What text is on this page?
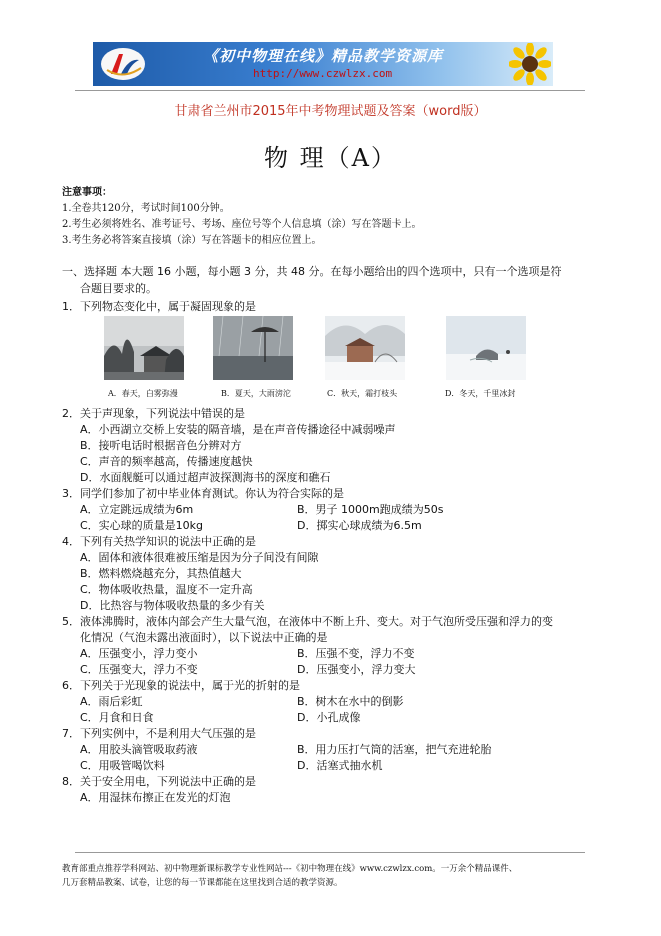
《初中物理在线》精品教学资源库
http://www.czwlzx.com
甘肃省兰州市2015年中考物理试题及答案（word版）
物 理（A）
注意事项：
1.全卷共120分，考试时间100分钟。
2.考生必须将姓名、准考证号、考场、座位号等个人信息填（涂）写在答题卡上。
3.考生务必将答案直接填（涂）写在答题卡的相应位置上。
一、选择题 本大题 16 小题，每小题 3 分，共 48 分。在每小题给出的四个选项中，只有一个选项是符
合题目要求的。
1．下列物态变化中，属于凝固现象的是
A．春天，白雾弥漫	B．夏天，大雨滂沱	C．秋天，霜打枝头	D．冬天，千里冰封
2．关于声现象，下列说法中错误的是
A．小西湖立交桥上安装的隔音墙，是在声音传播途径中减弱噪声
B．接听电话时根据音色分辨对方
C．声音的频率越高，传播速度越快
D．水面舰艇可以通过超声波探测海书的深度和礁石
3．同学们参加了初中毕业体育测试。你认为符合实际的是
A．立定跳远成绩为6m	B．男子 1000m跑成绩为50s
C．实心球的质量是10kg	D．掷实心球成绩为6.5m
4．下列有关热学知识的说法中正确的是
A．固体和液体很难被压缩是因为分子间没有间隙
B．燃料燃烧越充分，其热值越大
C．物体吸收热量，温度不一定升高
D．比热容与物体吸收热量的多少有关
5．液体沸腾时，液体内部会产生大量气泡，在液体中不断上升、变大。对于气泡所受压强和浮力的变
化情况（气泡未露出液面时），以下说法中正确的是
A．压强变小，浮力变小	B．压强不变，浮力不变
C．压强变大，浮力不变	D．压强变小，浮力变大
6．下列关于光现象的说法中，属于光的折射的是
A．雨后彩虹	B．树木在水中的倒影
C．月食和日食	D．小孔成像
7．下列实例中，不是利用大气压强的是
A．用胶头滴管吸取药液	B．用力压打气筒的活塞，把气充进轮胎
C．用吸管喝饮料	D．活塞式抽水机
8．关于安全用电，下列说法中正确的是
A．用湿抹布擦正在发光的灯泡
教育部重点推荐学科网站、初中物理新课标教学专业性网站---《初中物理在线》www.czwlzx.com。一万余个精品课件、
几万套精品教案、试卷，让您的每一节课都能在这里找到合适的教学资源。
